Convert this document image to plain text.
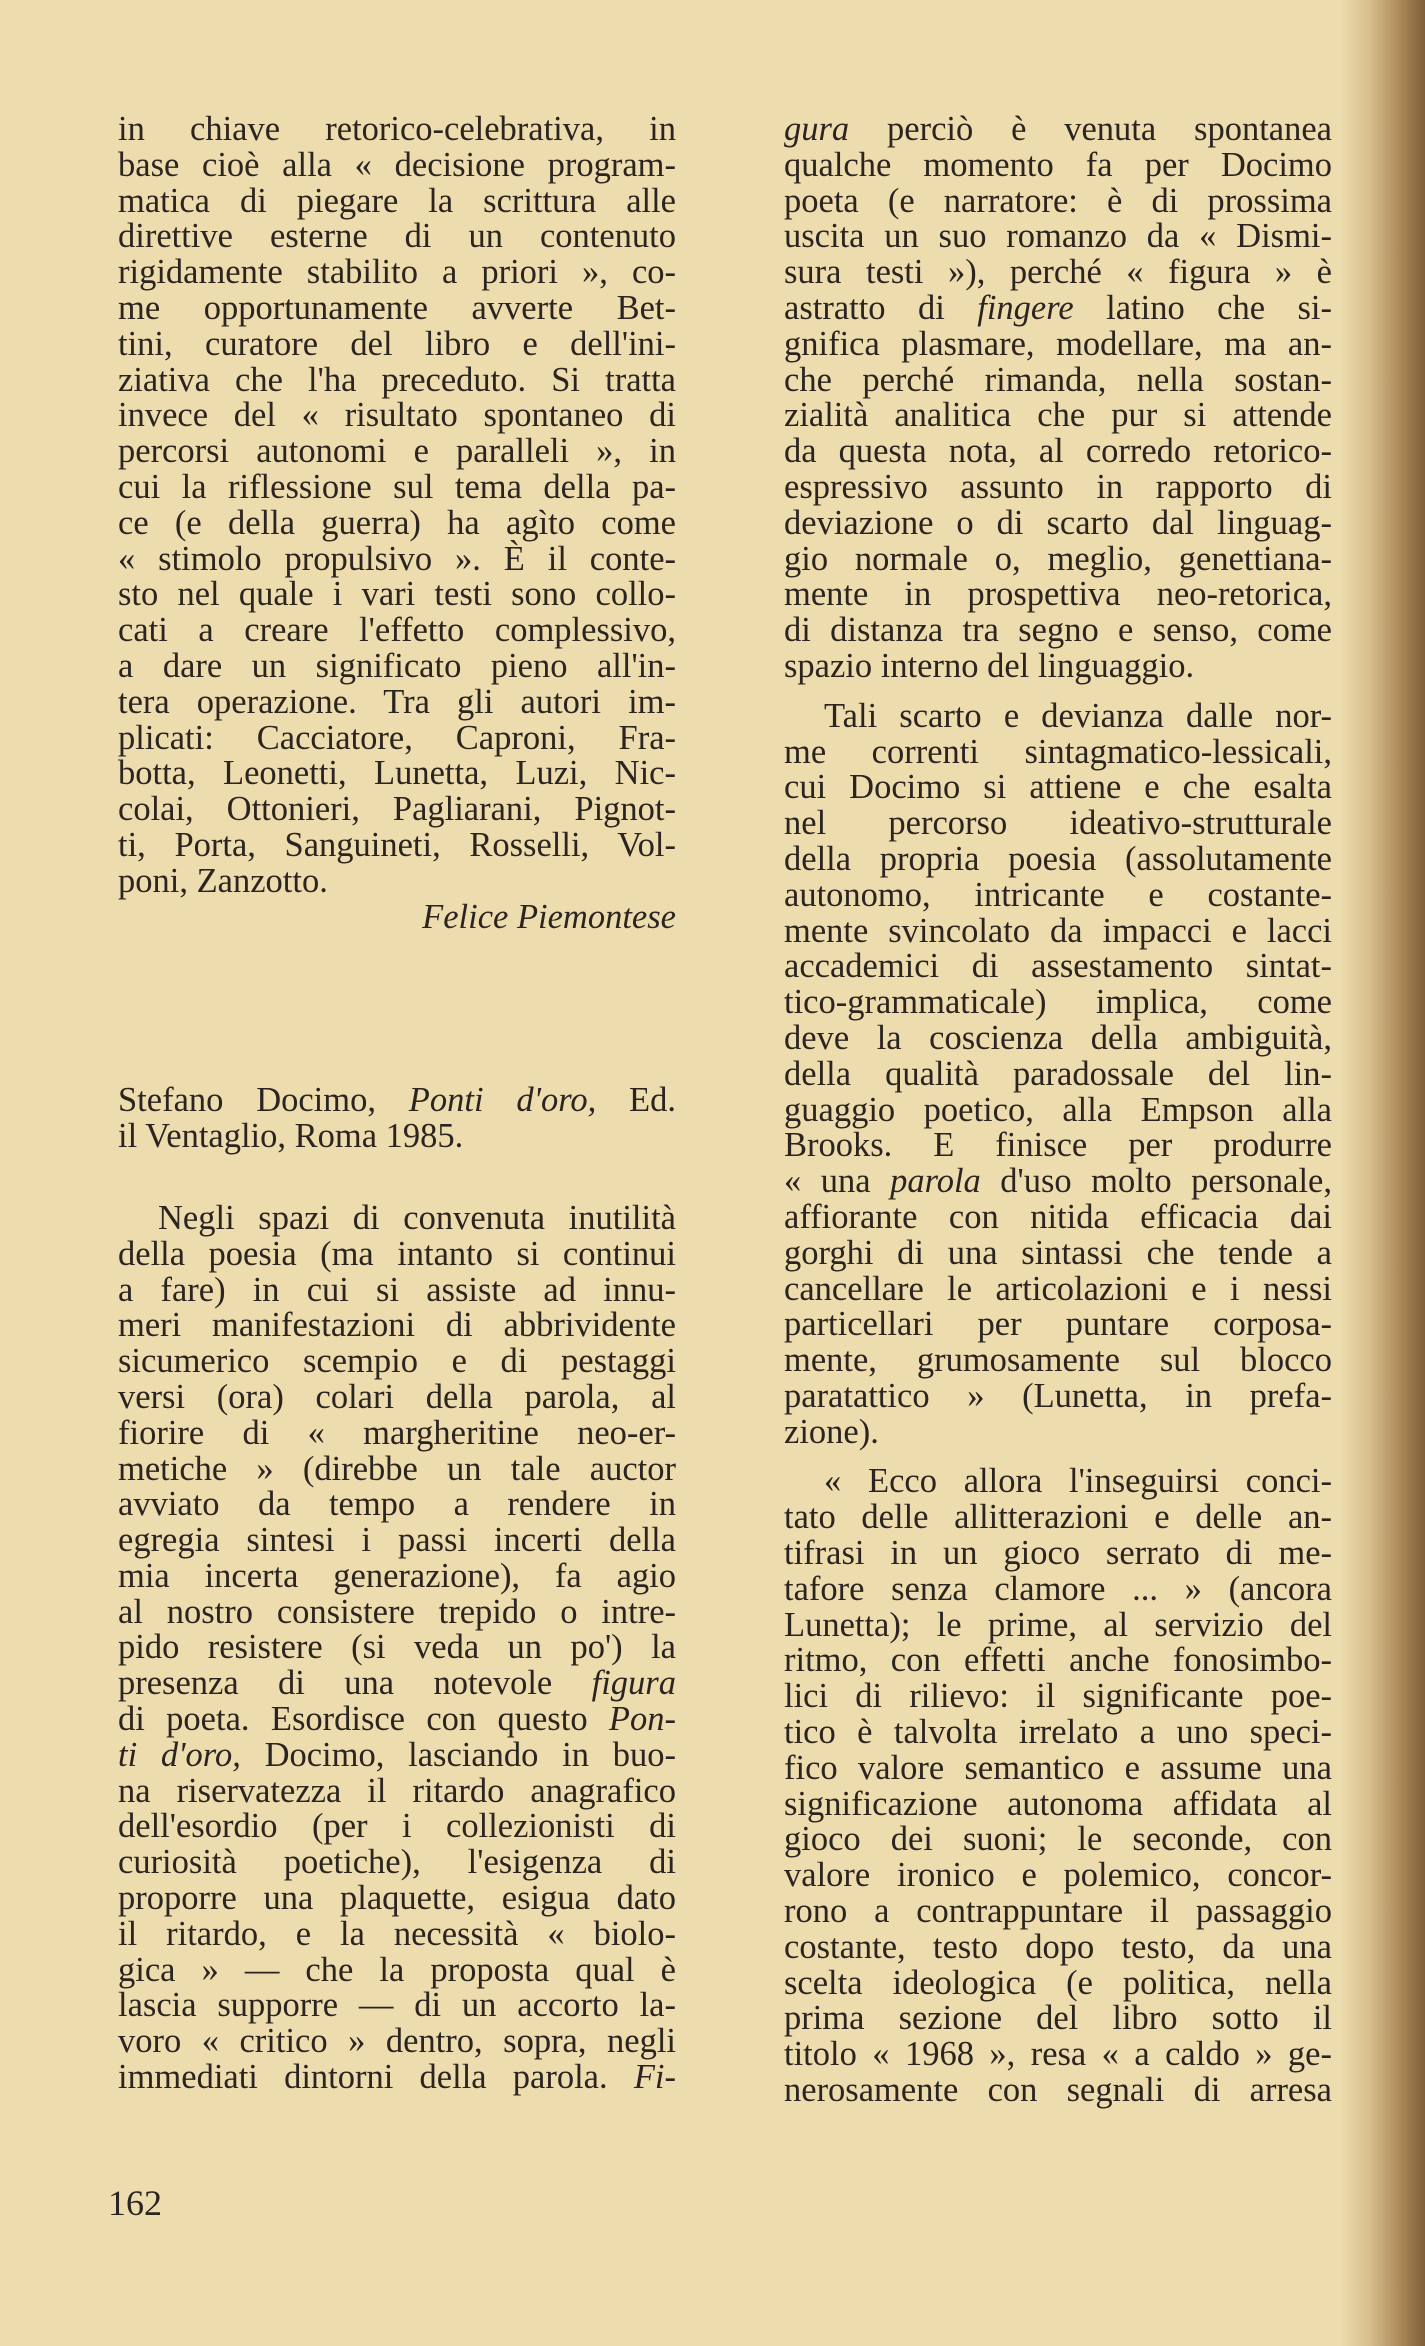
in chiave retorico-celebrativa, in
base cioè alla « decisione program-
matica di piegare la scrittura alle
direttive esterne di un contenuto
rigidamente stabilito a priori », co-
me opportunamente avverte Bet-
tini, curatore del libro e dell'ini-
ziativa che l'ha preceduto. Si tratta
invece del « risultato spontaneo di
percorsi autonomi e paralleli », in
cui la riflessione sul tema della pa-
ce (e della guerra) ha agìto come
« stimolo propulsivo ». È il conte-
sto nel quale i vari testi sono collo-
cati a creare l'effetto complessivo,
a dare un significato pieno all'in-
tera operazione. Tra gli autori im-
plicati: Cacciatore, Caproni, Fra-
botta, Leonetti, Lunetta, Luzi, Nic-
colai, Ottonieri, Pagliarani, Pignot-
ti, Porta, Sanguineti, Rosselli, Vol-
poni, Zanzotto.
Felice Piemontese
Stefano Docimo, Ponti d'oro, Ed.
il Ventaglio, Roma 1985.
Negli spazi di convenuta inutilità
della poesia (ma intanto si continui
a fare) in cui si assiste ad innu-
meri manifestazioni di abbrividente
sicumerico scempio e di pestaggi
versi (ora) colari della parola, al
fiorire di « margheritine neo-er-
metiche » (direbbe un tale auctor
avviato da tempo a rendere in
egregia sintesi i passi incerti della
mia incerta generazione), fa agio
al nostro consistere trepido o intre-
pido resistere (si veda un po') la
presenza di una notevole figura
di poeta. Esordisce con questo Pon-
ti d'oro, Docimo, lasciando in buo-
na riservatezza il ritardo anagrafico
dell'esordio (per i collezionisti di
curiosità poetiche), l'esigenza di
proporre una plaquette, esigua dato
il ritardo, e la necessità « biolo-
gica » — che la proposta qual è
lascia supporre — di un accorto la-
voro « critico » dentro, sopra, negli
immediati dintorni della parola. Fi-
gura perciò è venuta spontanea
qualche momento fa per Docimo
poeta (e narratore: è di prossima
uscita un suo romanzo da « Dismi-
sura testi »), perché « figura » è
astratto di fingere latino che si-
gnifica plasmare, modellare, ma an-
che perché rimanda, nella sostan-
zialità analitica che pur si attende
da questa nota, al corredo retorico-
espressivo assunto in rapporto di
deviazione o di scarto dal linguag-
gio normale o, meglio, genettiana-
mente in prospettiva neo-retorica,
di distanza tra segno e senso, come
spazio interno del linguaggio.
Tali scarto e devianza dalle nor-
me correnti sintagmatico-lessicali,
cui Docimo si attiene e che esalta
nel percorso ideativo-strutturale
della propria poesia (assolutamente
autonomo, intricante e costante-
mente svincolato da impacci e lacci
accademici di assestamento sintat-
tico-grammaticale) implica, come
deve la coscienza della ambiguità,
della qualità paradossale del lin-
guaggio poetico, alla Empson alla
Brooks. E finisce per produrre
« una parola d'uso molto personale,
affiorante con nitida efficacia dai
gorghi di una sintassi che tende a
cancellare le articolazioni e i nessi
particellari per puntare corposa-
mente, grumosamente sul blocco
paratattico » (Lunetta, in prefa-
zione).
« Ecco allora l'inseguirsi conci-
tato delle allitterazioni e delle an-
tifrasi in un gioco serrato di me-
tafore senza clamore ... » (ancora
Lunetta); le prime, al servizio del
ritmo, con effetti anche fonosimbo-
lici di rilievo: il significante poe-
tico è talvolta irrelato a uno speci-
fico valore semantico e assume una
significazione autonoma affidata al
gioco dei suoni; le seconde, con
valore ironico e polemico, concor-
rono a contrappuntare il passaggio
costante, testo dopo testo, da una
scelta ideologica (e politica, nella
prima sezione del libro sotto il
titolo « 1968 », resa « a caldo » ge-
nerosamente con segnali di arresa
162
